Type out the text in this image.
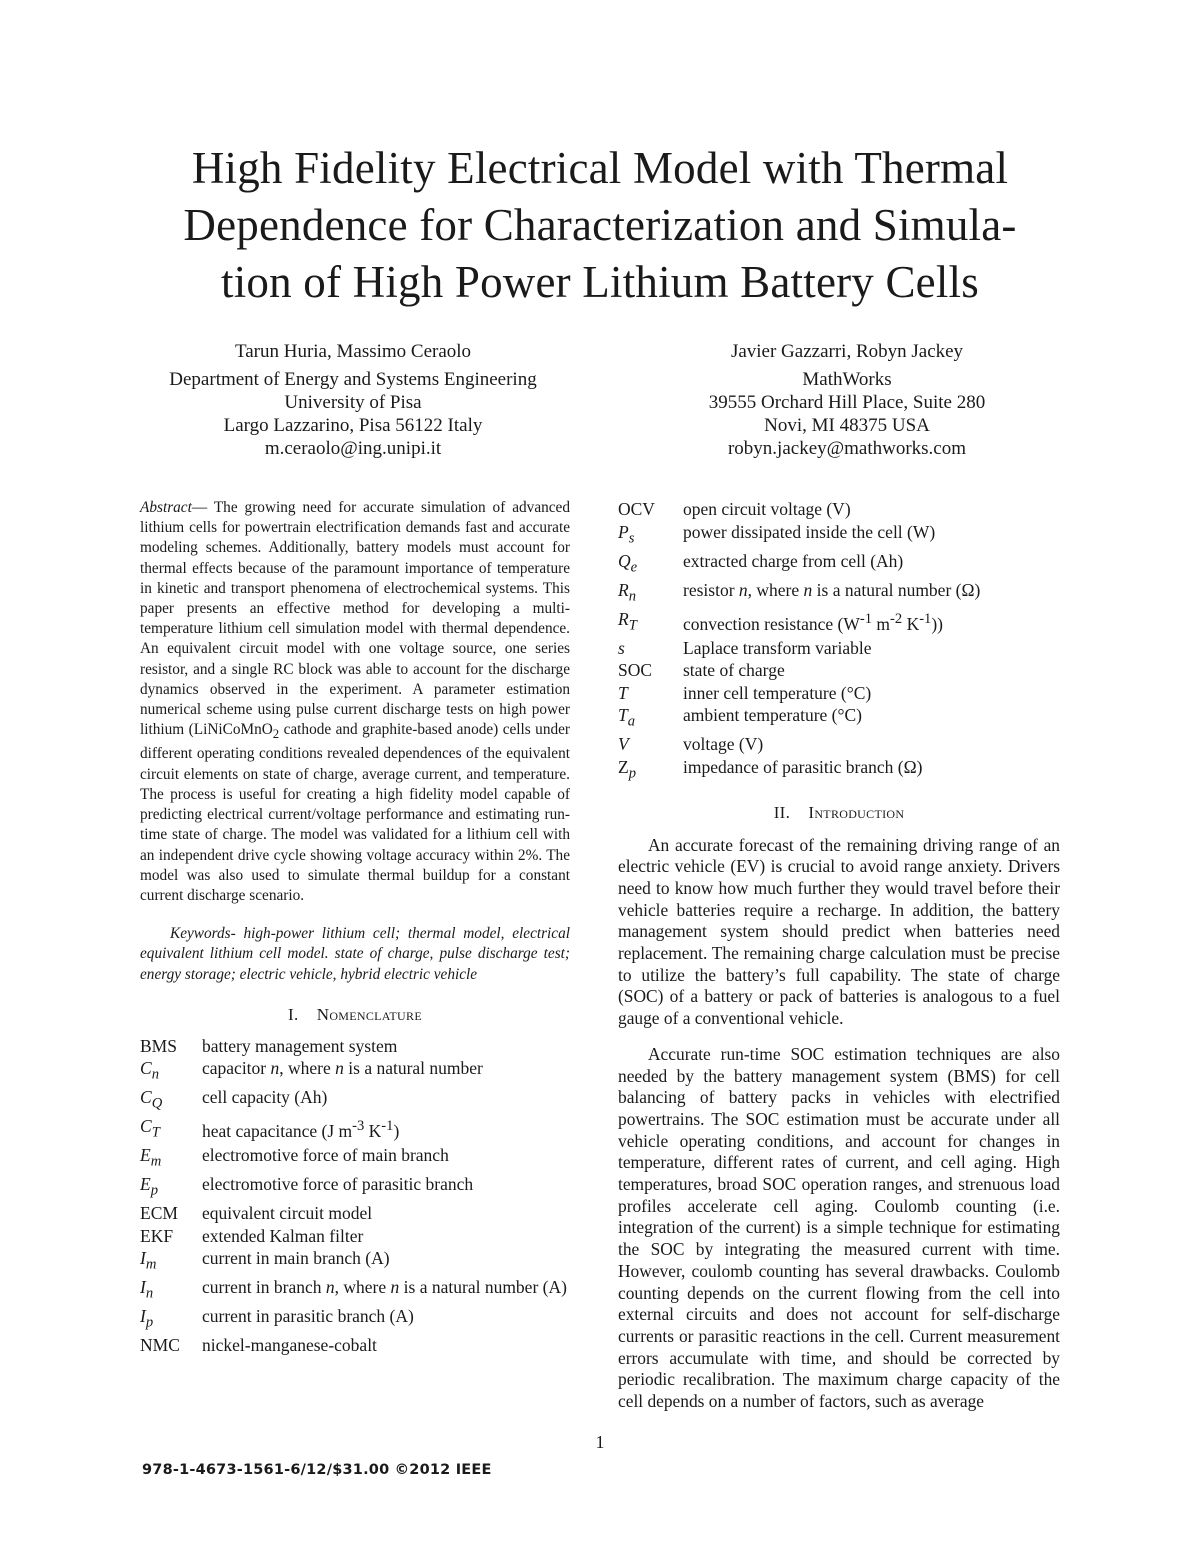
High Fidelity Electrical Model with Thermal
Dependence for Characterization and Simula-
tion of High Power Lithium Battery Cells
Tarun Huria, Massimo Ceraolo
Department of Energy and Systems Engineering
University of Pisa
Largo Lazzarino, Pisa 56122 Italy
m.ceraolo@ing.unipi.it
Javier Gazzarri, Robyn Jackey
MathWorks
39555 Orchard Hill Place, Suite 280
Novi, MI 48375 USA
robyn.jackey@mathworks.com

Abstract— The growing need for accurate simulation of advanced lithium cells for powertrain electrification demands fast and accurate modeling schemes. Additionally, battery models must account for thermal effects because of the paramount importance of temperature in kinetic and transport phenomena of electrochemical systems. This paper presents an effective method for developing a multi-temperature lithium cell simulation model with thermal dependence. An equivalent circuit model with one voltage source, one series resistor, and a single RC block was able to account for the discharge dynamics observed in the experiment. A parameter estimation numerical scheme using pulse current discharge tests on high power lithium (LiNiCoMnO$_2$ cathode and graphite-based anode) cells under different operating conditions revealed dependences of the equivalent circuit elements on state of charge, average current, and temperature. The process is useful for creating a high fidelity model capable of predicting electrical current/voltage performance and estimating run-time state of charge. The model was validated for a lithium cell with an independent drive cycle showing voltage accuracy within 2%. The model was also used to simulate thermal buildup for a constant current discharge scenario.

Keywords- high-power lithium cell; thermal model, electrical equivalent lithium cell model. state of charge, pulse discharge test; energy storage; electric vehicle, hybrid electric vehicle

I. Nomenclature
BMS	battery management system
$C_n$	capacitor n, where n is a natural number
$C_Q$	cell capacity (Ah)
$C_T$	heat capacitance (J $m^{-3}$ $K^{-1}$)
$E_m$	electromotive force of main branch
$E_p$	electromotive force of parasitic branch
ECM	equivalent circuit model
EKF	extended Kalman filter
$I_m$	current in main branch (A)
$I_n$	current in branch n, where n is a natural number (A)
$I_p$	current in parasitic branch (A)
NMC	nickel-manganese-cobalt
OCV	open circuit voltage (V)
$P_s$	power dissipated inside the cell (W)
$Q_e$	extracted charge from cell (Ah)
$R_n$	resistor n, where n is a natural number (Ω)
$R_T$	convection resistance ($W^{-1}$ $m^{-2}$ $K^{-1}$))
s	Laplace transform variable
SOC	state of charge
T	inner cell temperature (°C)
$T_a$	ambient temperature (°C)
V	voltage (V)
$Z_p$	impedance of parasitic branch (Ω)
II. Introduction

An accurate forecast of the remaining driving range of an electric vehicle (EV) is crucial to avoid range anxiety. Drivers need to know how much further they would travel before their vehicle batteries require a recharge. In addition, the battery management system should predict when batteries need replacement. The remaining charge calculation must be precise to utilize the battery’s full capability. The state of charge (SOC) of a battery or pack of batteries is analogous to a fuel gauge of a conventional vehicle.

Accurate run-time SOC estimation techniques are also needed by the battery management system (BMS) for cell balancing of battery packs in vehicles with electrified powertrains. The SOC estimation must be accurate under all vehicle operating conditions, and account for changes in temperature, different rates of current, and cell aging. High temperatures, broad SOC operation ranges, and strenuous load profiles accelerate cell aging. Coulomb counting (i.e. integration of the current) is a simple technique for estimating the SOC by integrating the measured current with time. However, coulomb counting has several drawbacks. Coulomb counting depends on the current flowing from the cell into external circuits and does not account for self-discharge currents or parasitic reactions in the cell. Current measurement errors accumulate with time, and should be corrected by periodic recalibration. The maximum charge capacity of the cell depends on a number of factors, such as average

1
978-1-4673-1561-6/12/$31.00 ©2012 IEEE
